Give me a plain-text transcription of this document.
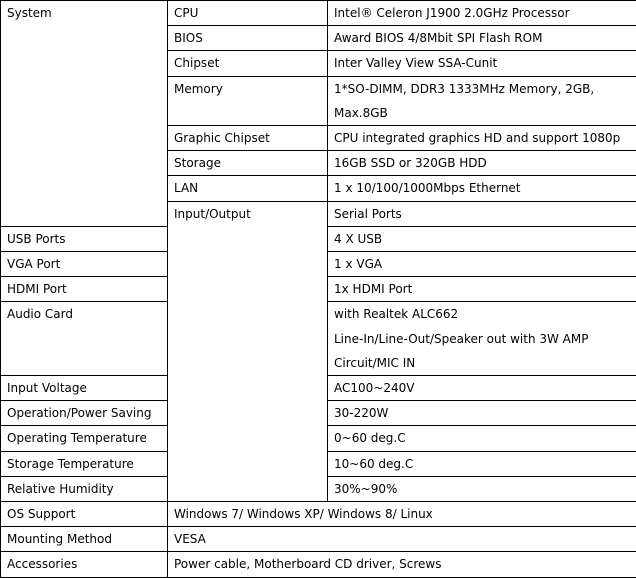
System	CPU	Intel® Celeron J1900 2.0GHz Processor	
	BIOS	Award BIOS 4/8Mbit SPI Flash ROM	
	Chipset	Inter Valley View SSA-Cunit	
	Memory	1*SO-DIMM, DDR3 1333MHz Memory, 2GB,
Max.8GB	

	Graphic Chipset	CPU integrated graphics HD and support 1080p	
	Storage	16GB SSD or 320GB HDD	
	LAN	1 x 10/100/1000Mbps Ethernet	
	Input/Output	Serial Ports	
USB Ports		4 X USB	
VGA Port		1 x VGA	
HDMI Port		1x HDMI Port	
Audio Card		with Realtek ALC662
Line-In/Line-Out/Speaker out with 3W AMP
Circuit/MIC IN	

Input Voltage		AC100~240V	
Operation/Power Saving		30-220W	
Operating Temperature		0~60 deg.C	
Storage Temperature		10~60 deg.C	
Relative Humidity		30%~90%	
OS Support	Windows 7/ Windows XP/ Windows 8/ Linux		
Mounting Method	VESA		
Accessories	Power cable, Motherboard CD driver, Screws		
